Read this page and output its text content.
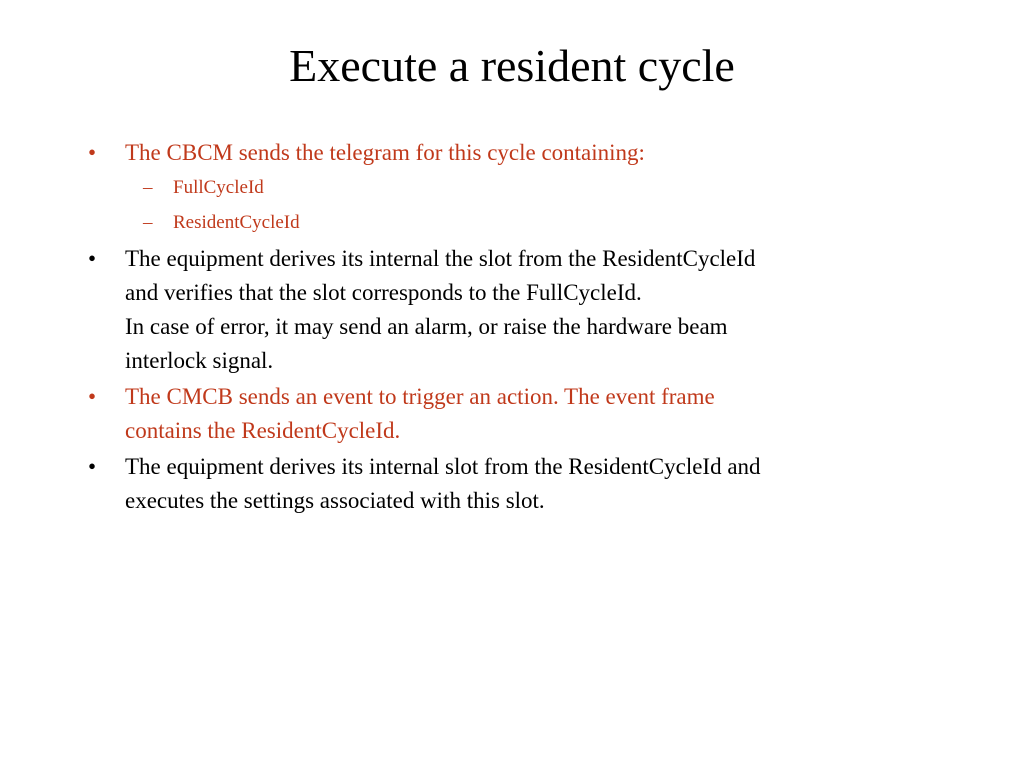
Execute a resident cycle
• The CBCM sends the telegram for this cycle containing:
– FullCycleId
– ResidentCycleId
• The equipment derives its internal the slot from the ResidentCycleId
and verifies that the slot corresponds to the FullCycleId.
In case of error, it may send an alarm, or raise the hardware beam
interlock signal.
• The CMCB sends an event to trigger an action. The event frame
contains the ResidentCycleId.
• The equipment derives its internal slot from the ResidentCycleId and
executes the settings associated with this slot.
